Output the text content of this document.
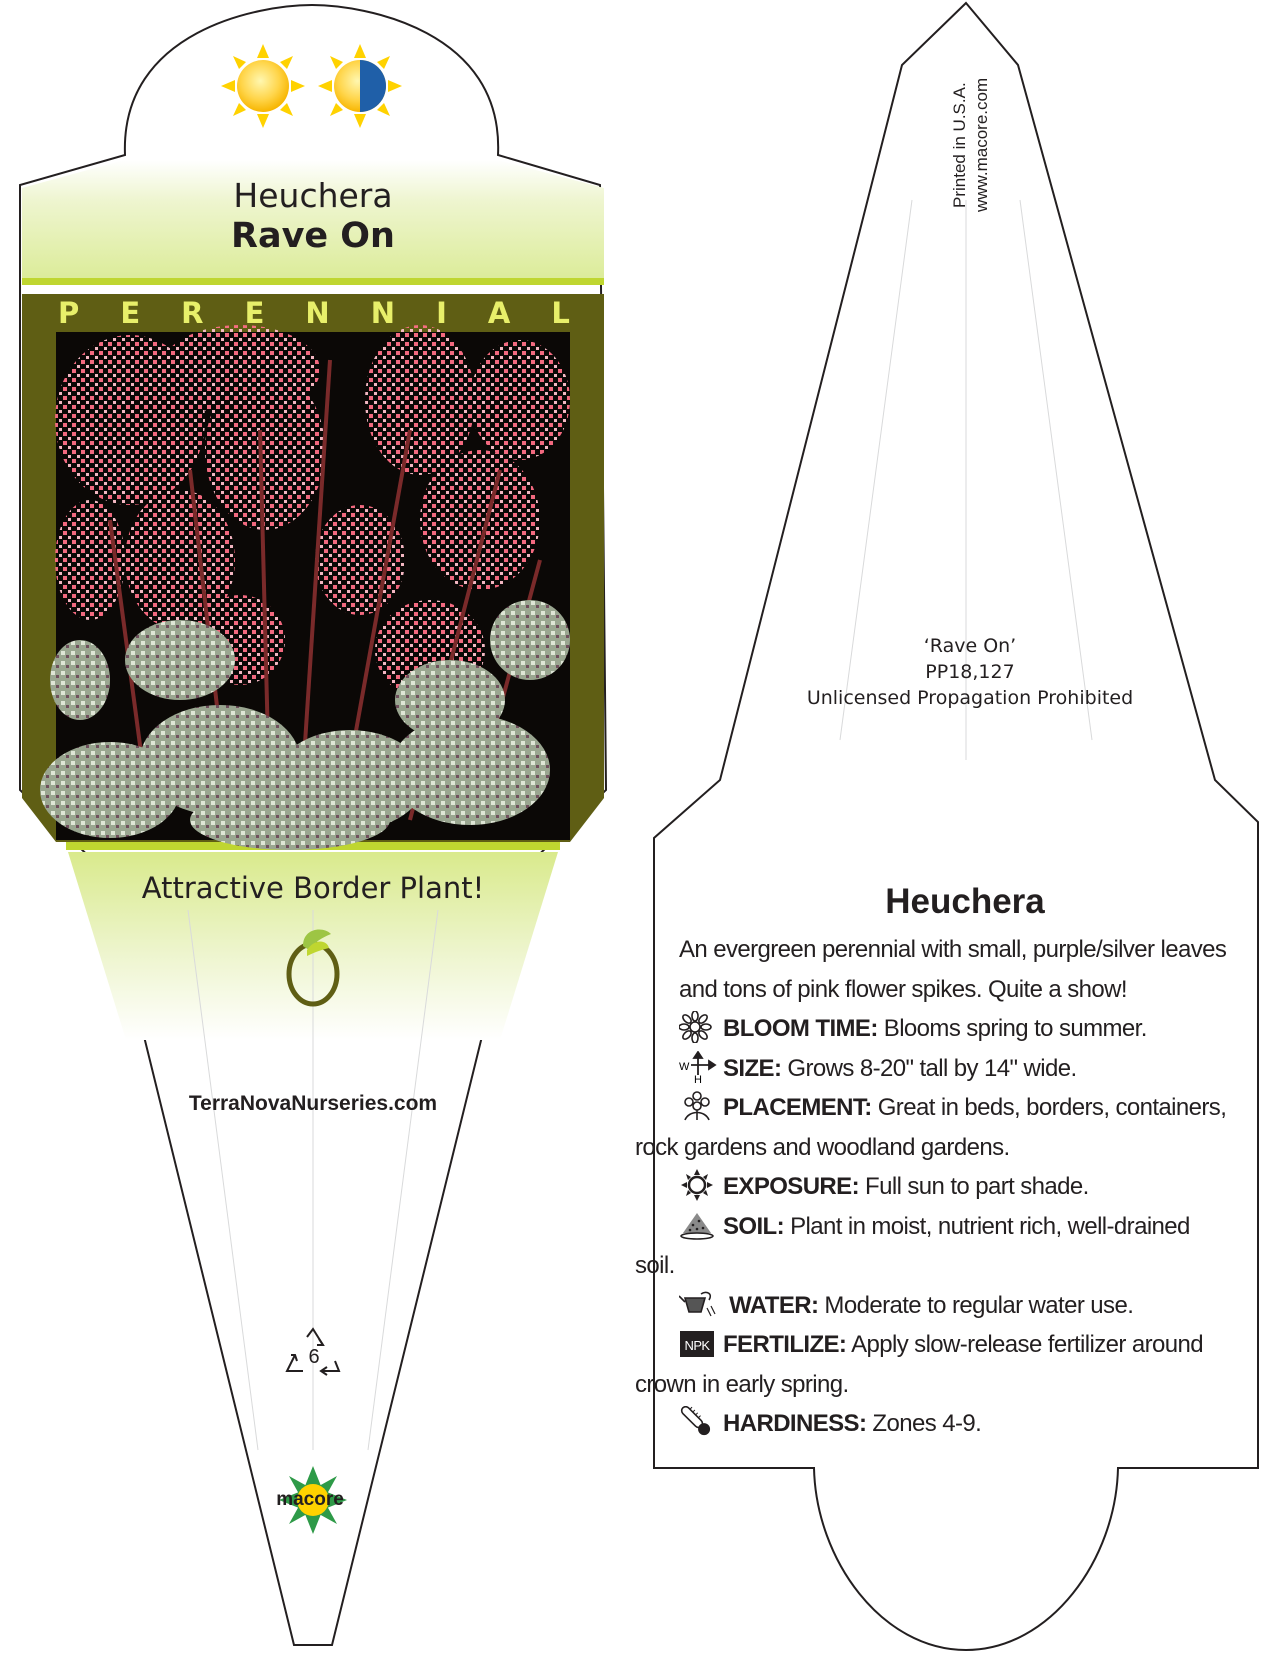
Heuchera
Rave On
P E R E N N I A L
Attractive Border Plant!
TerraNovaNurseries.com
6
macore
Printed in U.S.A. www.macore.com
‘Rave On’
PP18,127
Unlicensed Propagation Prohibited
Heuchera
An evergreen perennial with small, purple/silver leaves
and tons of pink flower spikes. Quite a show!
BLOOM TIME: Blooms spring to summer.
W
H SIZE: Grows 8-20" tall by 14" wide.
PLACEMENT: Great in beds, borders, containers,
rock gardens and woodland gardens.
EXPOSURE: Full sun to part shade.
SOIL: Plant in moist, nutrient rich, well-drained
soil.
WATER: Moderate to regular water use.
NPK FERTILIZE: Apply slow-release fertilizer around
crown in early spring.
HARDINESS: Zones 4-9.
